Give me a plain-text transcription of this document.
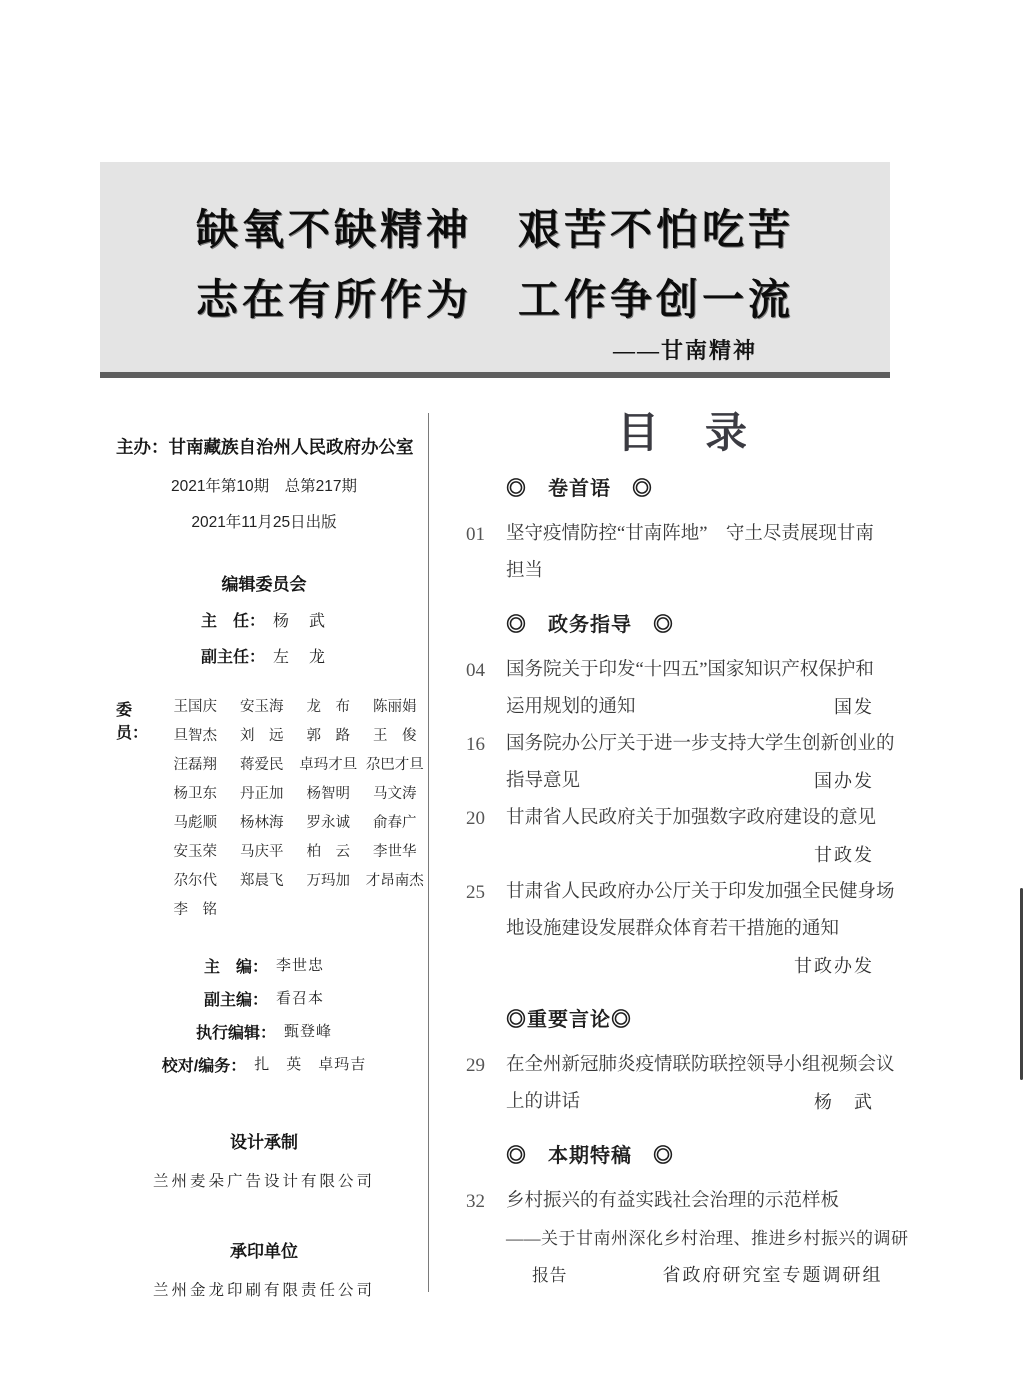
缺氧不缺精神　艰苦不怕吃苦
志在有所作为　工作争创一流
——甘南精神
主办：甘南藏族自治州人民政府办公室
2021年第10期　总第217期
2021年11月25日出版
编辑委员会
主　任： 杨　武
副主任： 左　龙
委员：
王国庆	安玉海	龙　布	陈丽娟
旦智杰	刘　远	郭　路	王　俊
汪磊翔	蒋爱民	卓玛才旦 尕巴才旦
杨卫东	丹正加	杨智明	马文涛
马彪顺	杨林海	罗永诚	俞春广
安玉荣	马庆平	柏　云	李世华
尕尔代	郑晨飞	万玛加	才昂南杰
李　铭
主　编： 李世忠
副主编： 看召本
执行编辑： 甄登峰
校对/编务： 扎　英　卓玛吉
设计承制
兰州麦朵广告设计有限公司
承印单位
兰州金龙印刷有限责任公司
目　录
◎　卷首语　◎
01	坚守疫情防控“甘南阵地”　守土尽责展现甘南
担当
◎　政务指导　◎
04	国务院关于印发“十四五”国家知识产权保护和
运用规划的通知	国发
16	国务院办公厅关于进一步支持大学生创新创业的
指导意见	国办发
20	甘肃省人民政府关于加强数字政府建设的意见
甘政发
25	甘肃省人民政府办公厅关于印发加强全民健身场
地设施建设发展群众体育若干措施的通知
甘政办发
◎重要言论◎
29	在全州新冠肺炎疫情联防联控领导小组视频会议
上的讲话	杨　武
◎　本期特稿　◎
32	乡村振兴的有益实践社会治理的示范样板
——关于甘南州深化乡村治理、推进乡村振兴的调研
报告	省政府研究室专题调研组
